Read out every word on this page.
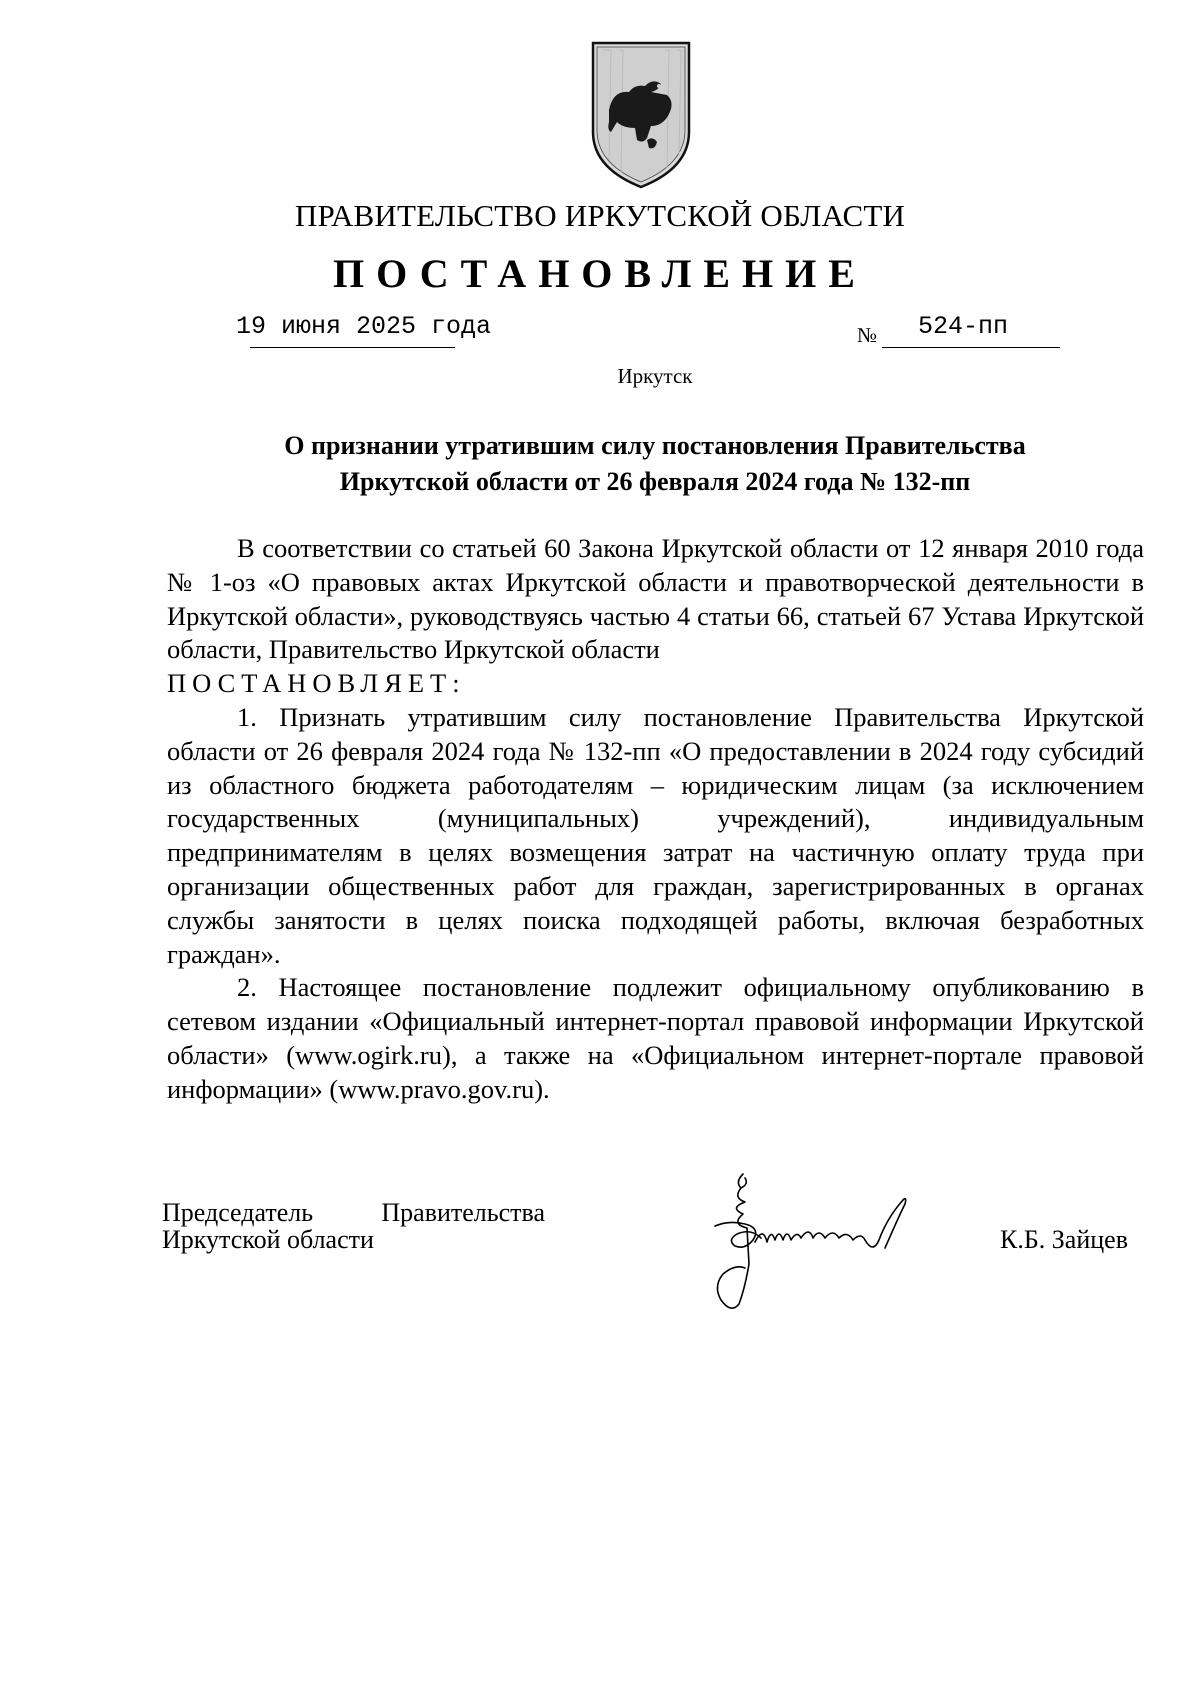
ПРАВИТЕЛЬСТВО ИРКУТСКОЙ ОБЛАСТИ
ПОСТАНОВЛЕНИЕ
19 июня 2025 года	№ 524-пп
Иркутск
О признании утратившим силу постановления Правительства
Иркутской области от 26 февраля 2024 года № 132-пп

В соответствии со статьей 60 Закона Иркутской области от 12 января 2010 года № 1-оз «О правовых актах Иркутской области и правотворческой деятельности в Иркутской области», руководствуясь частью 4 статьи 66, статьей 67 Устава Иркутской области, Правительство Иркутской области

ПОСТАНОВЛЯЕТ:

1. Признать утратившим силу постановление Правительства Иркутской области от 26 февраля 2024 года № 132-пп «О предоставлении в 2024 году субсидий из областного бюджета работодателям – юридическим лицам (за исключением государственных (муниципальных) учреждений), индивидуальным предпринимателям в целях возмещения затрат на частичную оплату труда при организации общественных работ для граждан, зарегистрированных в органах службы занятости в целях поиска подходящей работы, включая безработных граждан».

2. Настоящее постановление подлежит официальному опубликованию в сетевом издании «Официальный интернет-портал правовой информации Иркутской области» (www.ogirk.ru), а также на «Официальном интернет-портале правовой информации» (www.pravo.gov.ru).

Председатель	Правительства
Иркутской области	К.Б. Зайцев
